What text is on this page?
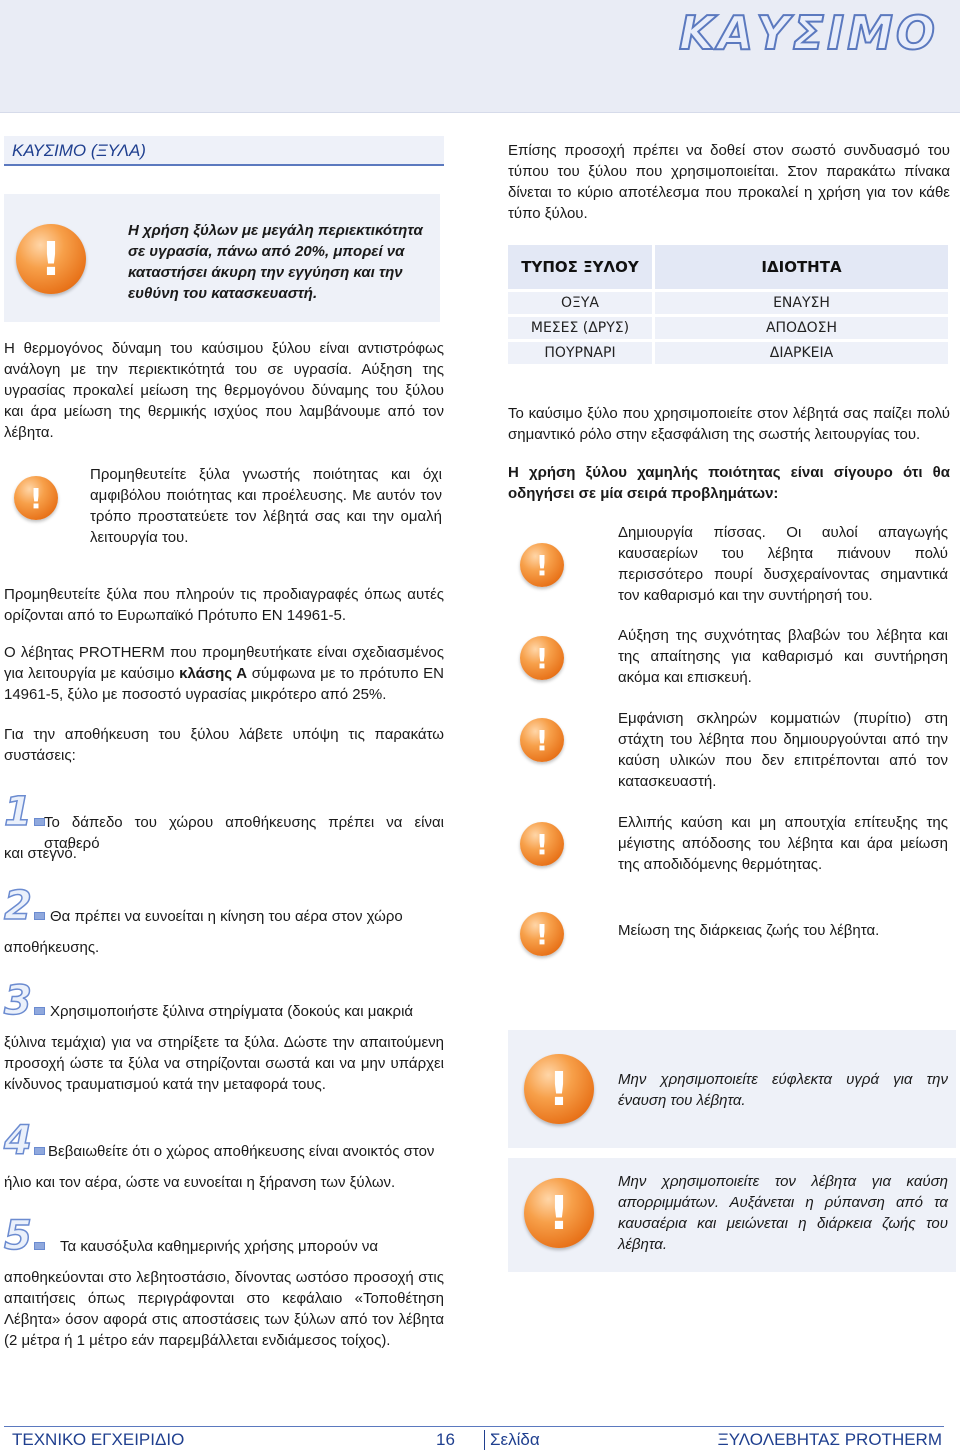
ΚΑΥΣΙΜΟ
ΚΑΥΣΙΜΟ (ΞΥΛΑ)
!
Η χρήση ξύλων με μεγάλη περιεκτικότητα σε υγρασία, πάνω από 20%, μπορεί να καταστήσει άκυρη την εγγύηση και την ευθύνη του κατασκευαστή.
Η θερμογόνος δύναμη του καύσιμου ξύλου είναι αντιστρόφως ανάλογη με την περιεκτικότητά του σε υγρασία. Αύξηση της υγρασίας προκαλεί μείωση της θερμογόνου δύναμης του ξύλου και άρα μείωση της θερμικής ισχύος που λαμβάνουμε από τον λέβητα.
!
Προμηθευτείτε ξύλα γνωστής ποιότητας και όχι αμφιβόλου ποιότητας και προέλευσης. Με αυτόν τον τρόπο προστατεύετε τον λέβητά σας και την ομαλή λειτουργία του.
Προμηθευτείτε ξύλα που πληρούν τις προδιαγραφές όπως αυτές ορίζονται από το Ευρωπαϊκό Πρότυπο ΕΝ 14961-5.
Ο λέβητας PROTHERM που προμηθευτήκατε είναι σχεδιασμένος για λειτουργία με καύσιμο κλάσης Α σύμφωνα με το πρότυπο ΕΝ 14961-5, ξύλο με ποσοστό υγρασίας μικρότερο από 25%.
Για την αποθήκευση του ξύλου λάβετε υπόψη τις παρακάτω συστάσεις:
1 Το δάπεδο του χώρου αποθήκευσης πρέπει να είναι σταθερό
και στεγνό.
2	Θα πρέπει να ευνοείται η κίνηση του αέρα στον χώρο
αποθήκευσης.
3	Χρησιμοποιήστε ξύλινα στηρίγματα (δοκούς και μακριά
ξύλινα τεμάχια) για να στηρίξετε τα ξύλα. Δώστε την απαιτούμενη προσοχή ώστε τα ξύλα να στηρίζονται σωστά και να μην υπάρχει κίνδυνος τραυματισμού κατά την μεταφορά τους.
4	Βεβαιωθείτε ότι ο χώρος αποθήκευσης είναι ανοικτός στον
ήλιο και τον αέρα, ώστε να ευνοείται η ξήρανση των ξύλων.
5	Τα καυσόξυλα καθημερινής χρήσης μπορούν να
αποθηκεύονται στο λεβητοστάσιο, δίνοντας ωστόσο προσοχή στις απαιτήσεις όπως περιγράφονται στο κεφάλαιο «Τοποθέτηση Λέβητα» όσον αφορά στις αποστάσεις των ξύλων από τον λέβητα (2 μέτρα ή 1 μέτρο εάν παρεμβάλλεται ενδιάμεσος τοίχος).
Επίσης προσοχή πρέπει να δοθεί στον σωστό συνδυασμό του τύπου του ξύλου που χρησιμοποιείται. Στον παρακάτω πίνακα δίνεται το κύριο αποτέλεσμα που προκαλεί η χρήση για τον κάθε τύπο ξύλου.
ΤΥΠΟΣ ΞΥΛΟΥ	ΙΔΙΟΤΗΤΑ
ΟΞΥΑ	ΕΝΑΥΣΗ
ΜΕΣΕΣ (ΔΡΥΣ)	ΑΠΟΔΟΣΗ
ΠΟΥΡΝΑΡΙ	ΔΙΑΡΚΕΙΑ
Το καύσιμο ξύλο που χρησιμοποιείτε στον λέβητά σας παίζει πολύ σημαντικό ρόλο στην εξασφάλιση της σωστής λειτουργίας του.
Η χρήση ξύλου χαμηλής ποιότητας είναι σίγουρο ότι θα οδηγήσει σε μία σειρά προβλημάτων:
!
Δημιουργία πίσσας. Οι αυλοί απαγωγής καυσαερίων του λέβητα πιάνουν πολύ περισσότερο πουρί δυσχεραίνοντας σημαντικά τον καθαρισμό και την συντήρησή του.
!
Αύξηση της συχνότητας βλαβών του λέβητα και της απαίτησης για καθαρισμό και συντήρηση ακόμα και επισκευή.
!
Εμφάνιση σκληρών κομματιών (πυρίτιο) στη στάχτη του λέβητα που δημιουργούνται από την καύση υλικών που δεν επιτρέπονται από τον κατασκευαστή.
!
Ελλιπής καύση και μη απουτχία επίτευξης της μέγιστης απόδοσης του λέβητα και άρα μείωση της αποδιδόμενης θερμότητας.
!	Μείωση της διάρκειας ζωής του λέβητα.
!	Μην χρησιμοποιείτε εύφλεκτα υγρά για την έναυση του λέβητα.
!
Μην χρησιμοποιείτε τον λέβητα για καύση απορριμμάτων. Αυξάνεται η ρύπανση από τα καυσαέρια και μειώνεται η διάρκεια ζωής του λέβητα.
ΤΕΧΝΙΚΟ ΕΓΧΕΙΡΙΔΙΟ	16 Σελίδα	ΞΥΛΟΛΕΒΗΤΑΣ PROTHERM
